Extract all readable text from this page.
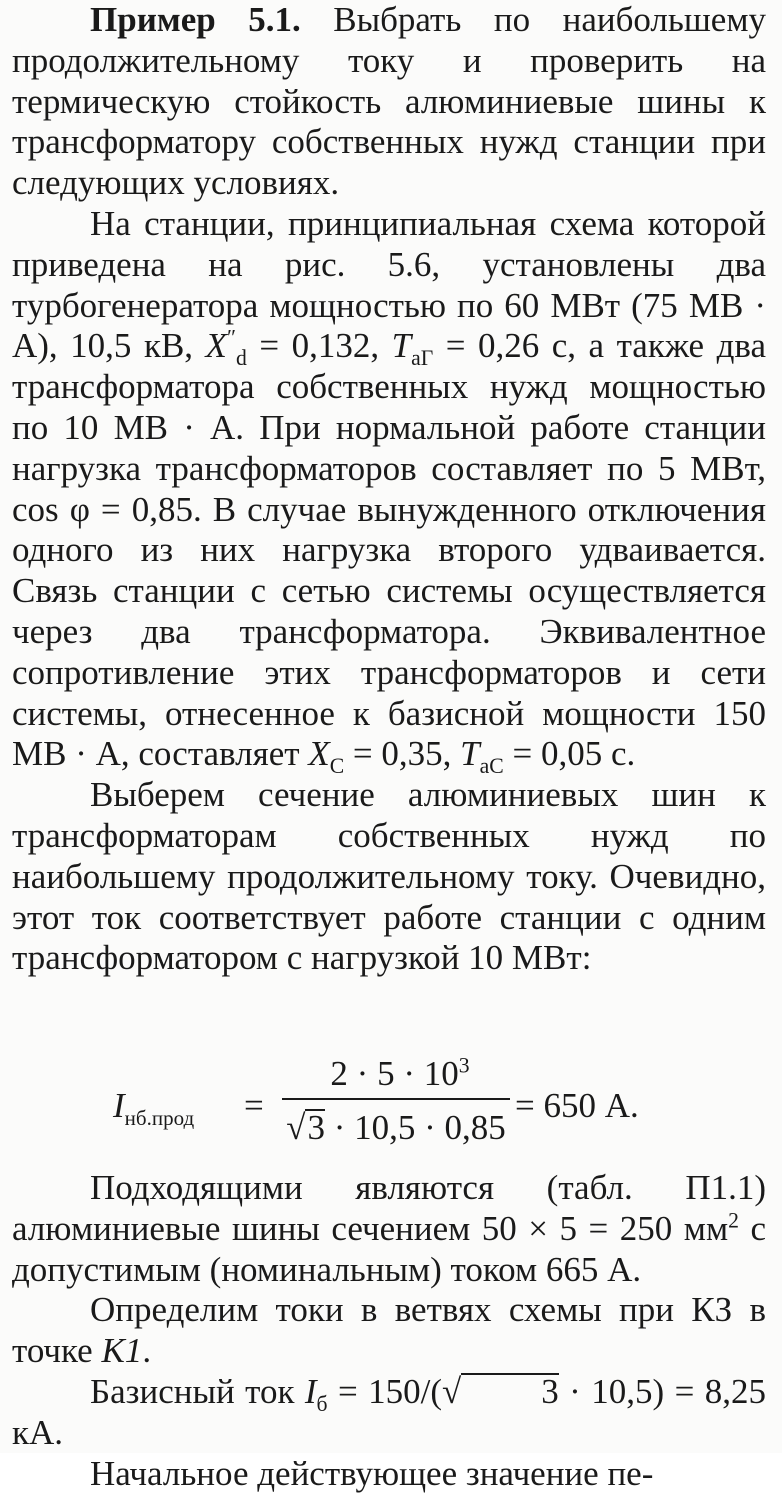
Пример 5.1. Выбрать по наибольшему продолжительному току и проверить на термическую стойкость алюминиевые шины к трансформатору собственных нужд станции при следующих условиях.

На станции, принципиальная схема которой приведена на рис. 5.6, установлены два турбогенератора мощностью по 60 МВт (75 МВ · А), 10,5 кВ, $X''_d = 0,132$, $T_{аГ} = 0,26$ с, а также два трансформатора собственных нужд мощностью по 10 МВ · А. При нормальной работе станции нагрузка трансформаторов составляет по 5 МВт, cos φ = 0,85. В случае вынужденного отключения одного из них нагрузка второго удваивается. Связь станции с сетью системы осуществляется через два трансформатора. Эквивалентное сопротивление этих трансформаторов и сети системы, отнесенное к базисной мощности 150 МВ · А, составляет $X_C = 0,35$, $T_{аС} = 0,05$ с.

Выберем сечение алюминиевых шин к трансформаторам собственных нужд по наибольшему продолжительному току. Очевидно, этот ток соответствует работе станции с одним трансформатором с нагрузкой 10 МВт:

$I_{нб.прод}$ =
$2 \cdot 5 \cdot 10^3$
√3 · 10,5 · 0,85
= 650 А.

Подходящими являются (табл. П1.1) алюминиевые шины сечением 50 × 5 = 250 $мм^2$ с допустимым (номинальным) током 665 А.

Определим токи в ветвях схемы при КЗ в точке K1.

Базисный ток $I_б = 150/(√$ 3 · 10,5) = 8,25 кА.

Начальное действующее значение пе-
